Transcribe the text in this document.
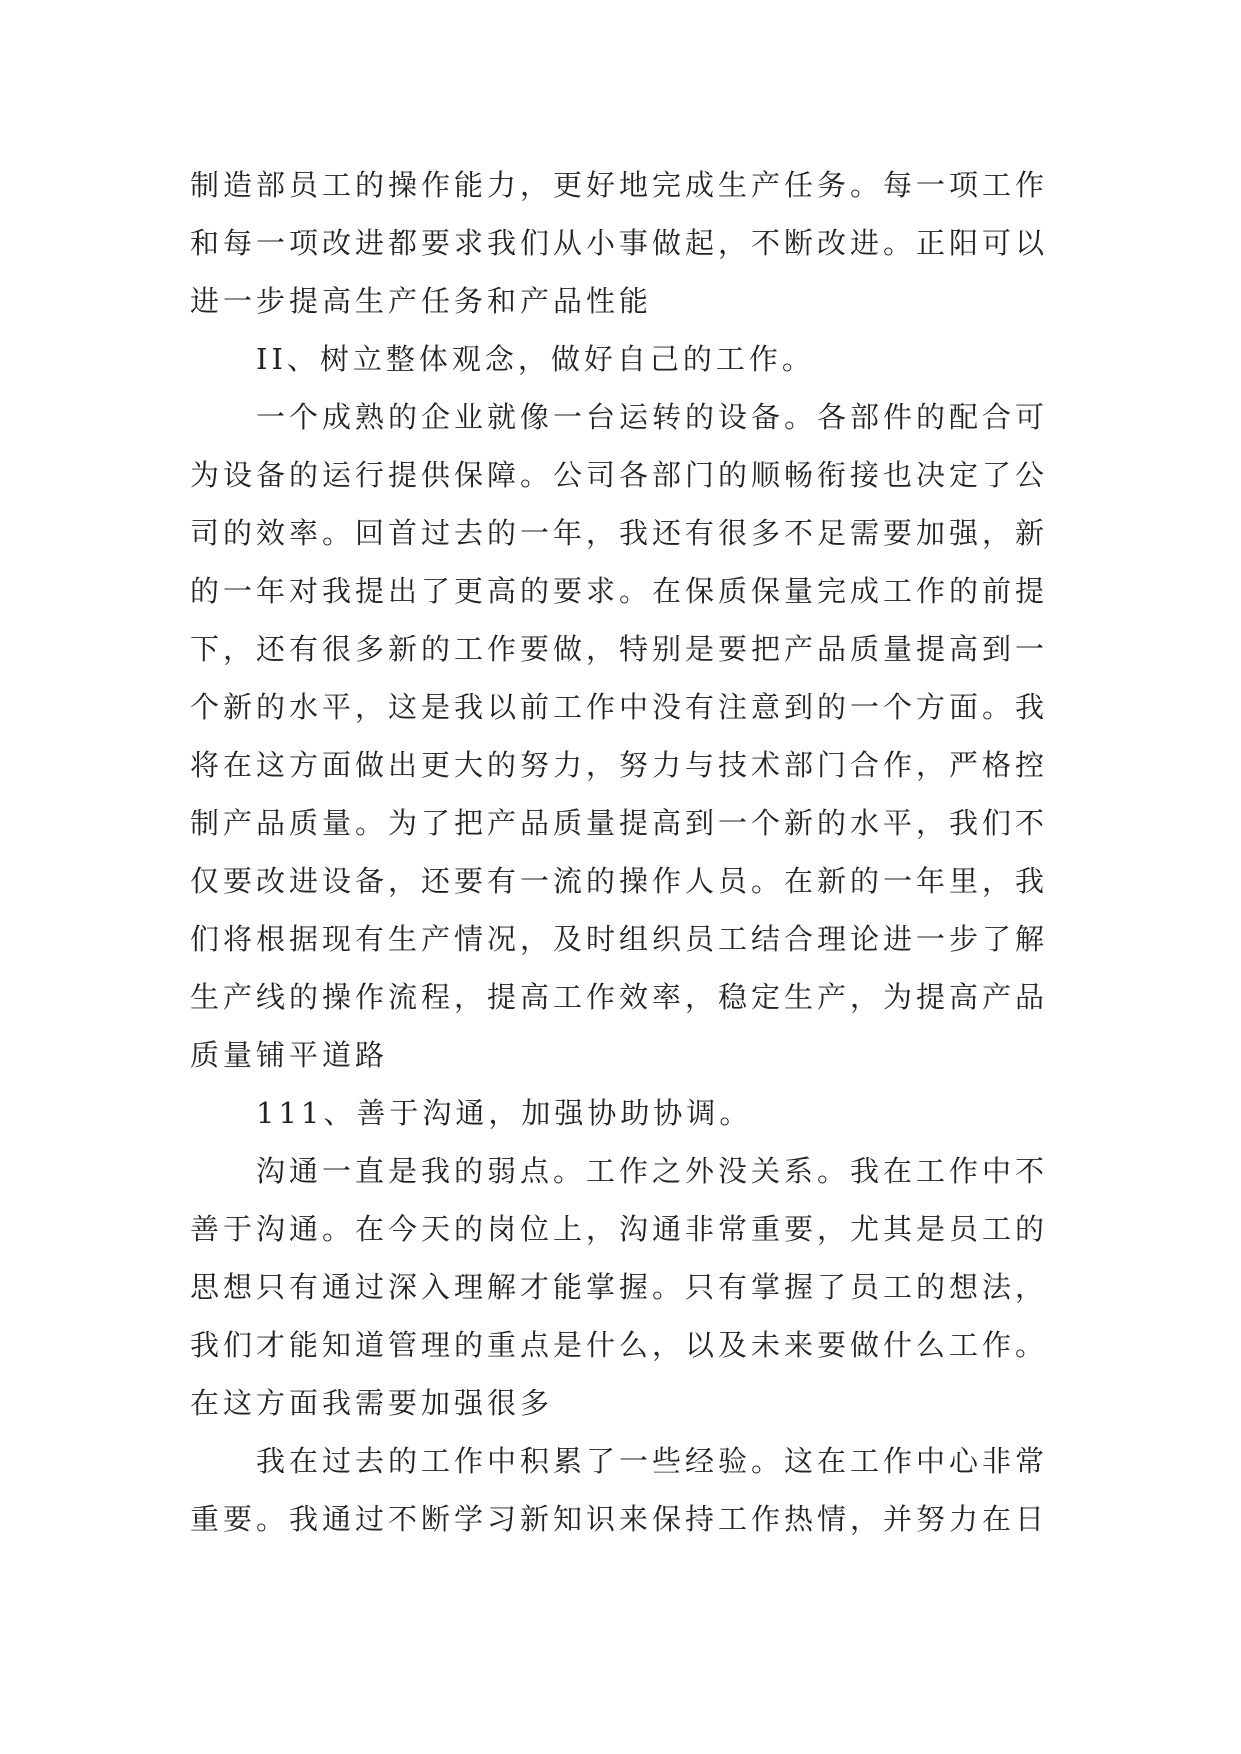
制造部员工的操作能力，更好地完成生产任务。每一项工作
和每一项改进都要求我们从小事做起，不断改进。正阳可以
进一步提高生产任务和产品性能
II、树立整体观念，做好自己的工作。
一个成熟的企业就像一台运转的设备。各部件的配合可
为设备的运行提供保障。公司各部门的顺畅衔接也决定了公
司的效率。回首过去的一年，我还有很多不足需要加强，新
的一年对我提出了更高的要求。在保质保量完成工作的前提
下，还有很多新的工作要做，特别是要把产品质量提高到一
个新的水平，这是我以前工作中没有注意到的一个方面。我
将在这方面做出更大的努力，努力与技术部门合作，严格控
制产品质量。为了把产品质量提高到一个新的水平，我们不
仅要改进设备，还要有一流的操作人员。在新的一年里，我
们将根据现有生产情况，及时组织员工结合理论进一步了解
生产线的操作流程，提高工作效率，稳定生产，为提高产品
质量铺平道路
111、善于沟通，加强协助协调。
沟通一直是我的弱点。工作之外没关系。我在工作中不
善于沟通。在今天的岗位上，沟通非常重要，尤其是员工的
思想只有通过深入理解才能掌握。只有掌握了员工的想法，
我们才能知道管理的重点是什么，以及未来要做什么工作。
在这方面我需要加强很多
我在过去的工作中积累了一些经验。这在工作中心非常
重要。我通过不断学习新知识来保持工作热情，并努力在日
